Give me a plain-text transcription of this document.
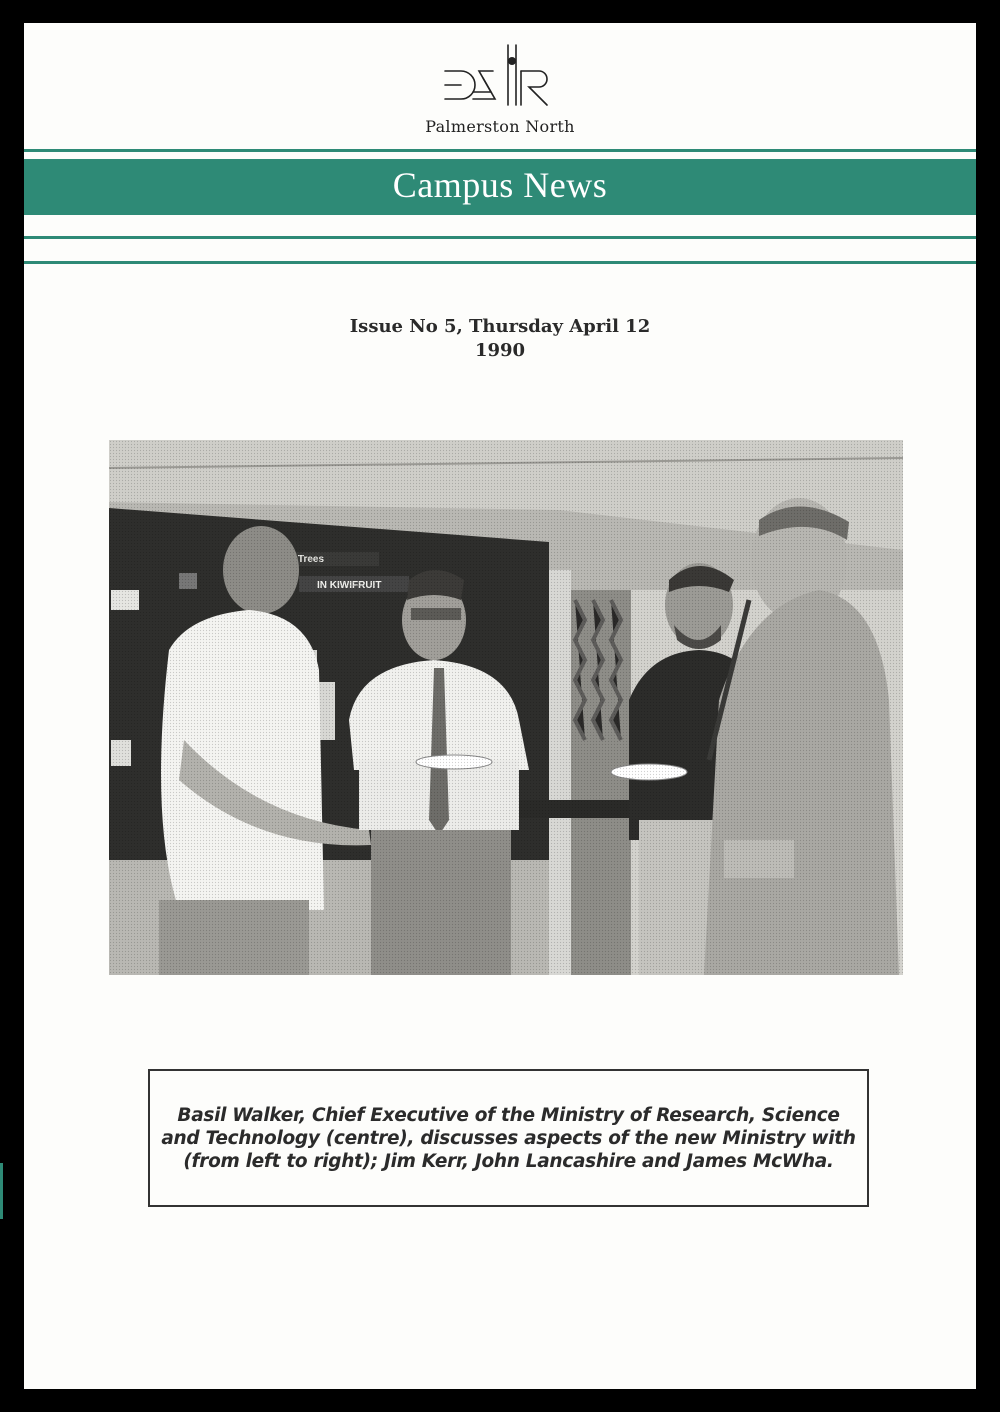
Palmerston North
Campus News
Issue No 5, Thursday April 12
1990
Basil Walker, Chief Executive of the Ministry of Research, Science and Technology (centre), discusses aspects of the new Ministry with (from left to right); Jim Kerr, John Lancashire and James McWha.
